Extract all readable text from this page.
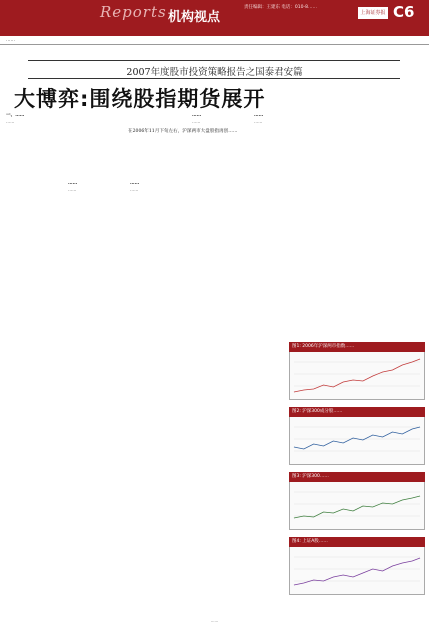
Reports 机构视点
责任编辑：王建东 电话：010-8……
上海证券报 C6
……
2007年度股市投资策略报告之国泰君安篇
大博弈:围绕股指期货展开
在2006年11月下旬左右，沪深两市大盘股指再创……
一、……
……
……
……
……
……
……
……
……
……
图1: 2006年沪深两市指数……
图2: 沪深300成分股……
图3: 沪深300……
图4: 上证A股……
……
